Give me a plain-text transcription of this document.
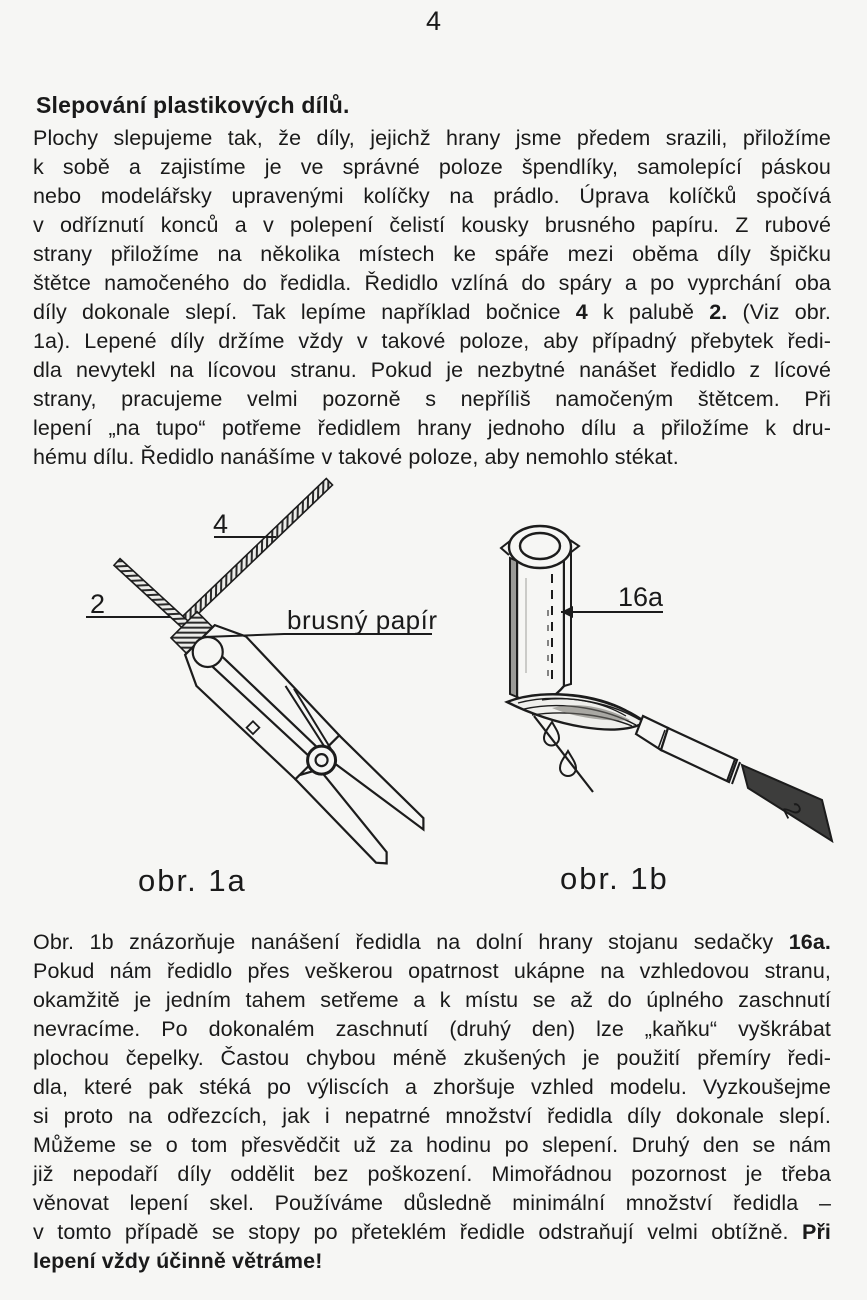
4
Slepování plastikových dílů.
Plochy slepujeme tak, že díly, jejichž hrany jsme předem srazili, přiložíme
k sobě a zajistíme je ve správné poloze špendlíky, samolepící páskou
nebo modelářsky upravenými kolíčky na prádlo. Úprava kolíčků spočívá
v odříznutí konců a v polepení čelistí kousky brusného papíru. Z rubové
strany přiložíme na několika místech ke spáře mezi oběma díly špičku
štětce namočeného do ředidla. Ředidlo vzlíná do spáry a po vyprchání oba
díly dokonale slepí. Tak lepíme například bočnice 4 k palubě 2. (Viz obr.
1a). Lepené díly držíme vždy v takové poloze, aby případný přebytek ředi-
dla nevytekl na lícovou stranu. Pokud je nezbytné nanášet ředidlo z lícové
strany, pracujeme velmi pozorně s nepříliš namočeným štětcem. Při
lepení „na tupo“ potřeme ředidlem hrany jednoho dílu a přiložíme k dru-
hému dílu. Ředidlo nanášíme v takové poloze, aby nemohlo stékat.
4
2
brusný papír
obr. 1a
16a
2
obr. 1b
Obr. 1b znázorňuje nanášení ředidla na dolní hrany stojanu sedačky 16a.
Pokud nám ředidlo přes veškerou opatrnost ukápne na vzhledovou stranu,
okamžitě je jedním tahem setřeme a k místu se až do úplného zaschnutí
nevracíme. Po dokonalém zaschnutí (druhý den) lze „kaňku“ vyškrábat
plochou čepelky. Častou chybou méně zkušených je použití přemíry ředi-
dla, které pak stéká po výliscích a zhoršuje vzhled modelu. Vyzkoušejme
si proto na odřezcích, jak i nepatrné množství ředidla díly dokonale slepí.
Můžeme se o tom přesvědčit už za hodinu po slepení. Druhý den se nám
již nepodaří díly oddělit bez poškození. Mimořádnou pozornost je třeba
věnovat lepení skel. Používáme důsledně minimální množství ředidla –
v tomto případě se stopy po přeteklém ředidle odstraňují velmi obtížně. Při
lepení vždy účinně větráme!
